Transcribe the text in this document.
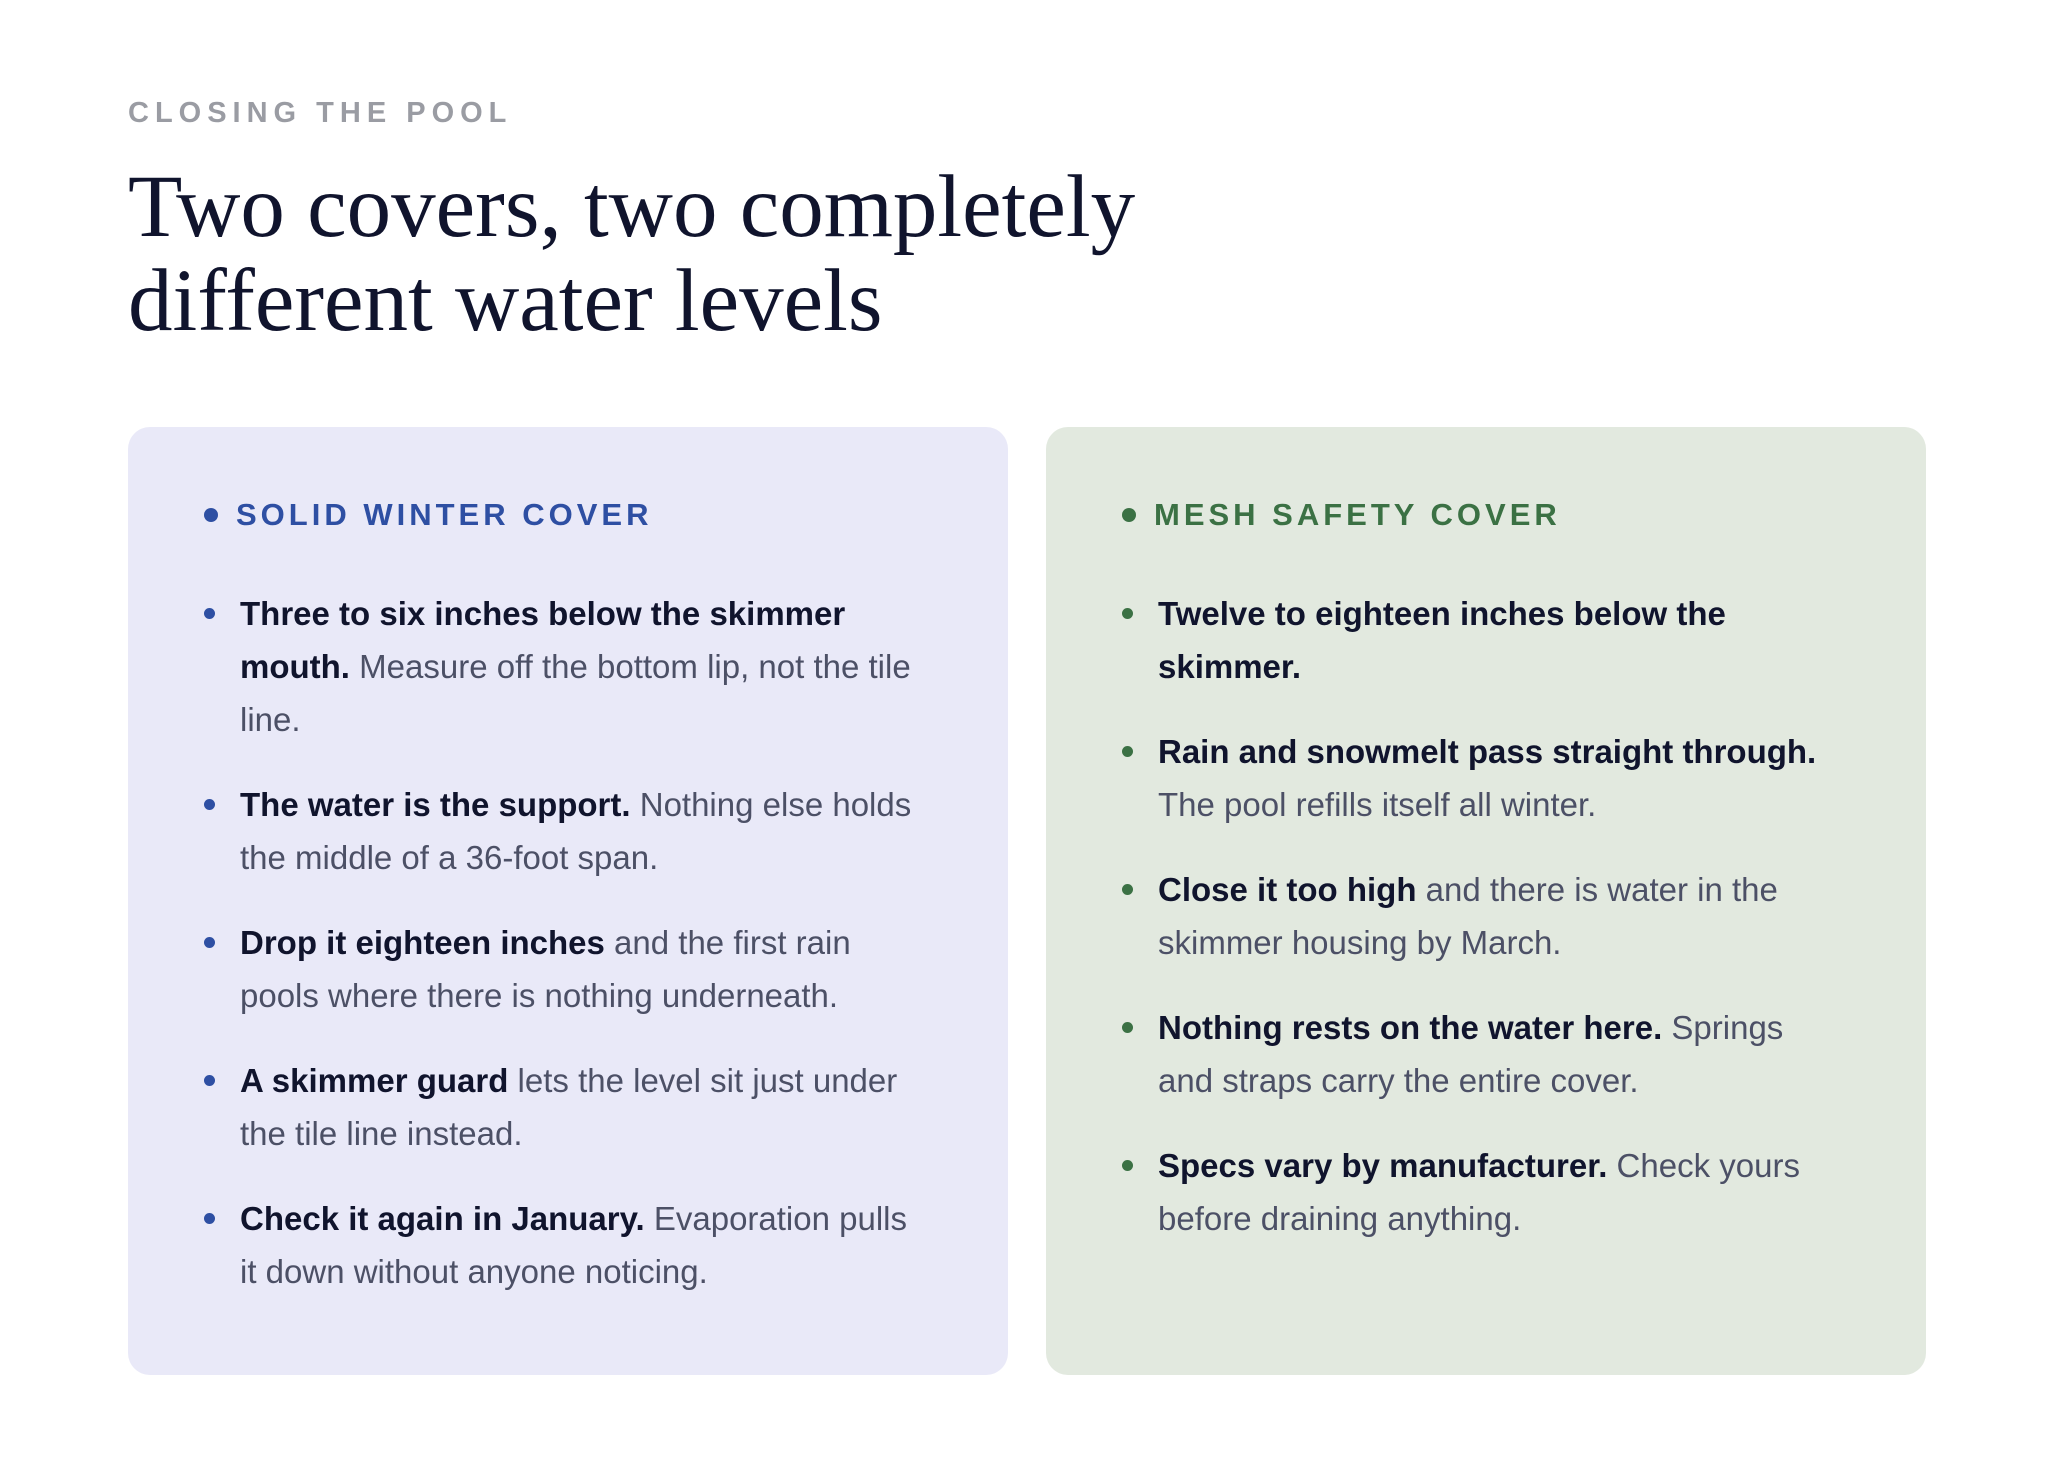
CLOSING THE POOL

Two covers, two completely different water levels
SOLID WINTER COVER
Three to six inches below the skimmer mouth. Measure off the bottom lip, not the tile line.
The water is the support. Nothing else holds the middle of a 36-foot span.
Drop it eighteen inches and the first rain pools where there is nothing underneath.
A skimmer guard lets the level sit just under the tile line instead.
Check it again in January. Evaporation pulls it down without anyone noticing.
MESH SAFETY COVER
Twelve to eighteen inches below the skimmer.
Rain and snowmelt pass straight through. The pool refills itself all winter.
Close it too high and there is water in the skimmer housing by March.
Nothing rests on the water here. Springs and straps carry the entire cover.
Specs vary by manufacturer. Check yours before draining anything.
